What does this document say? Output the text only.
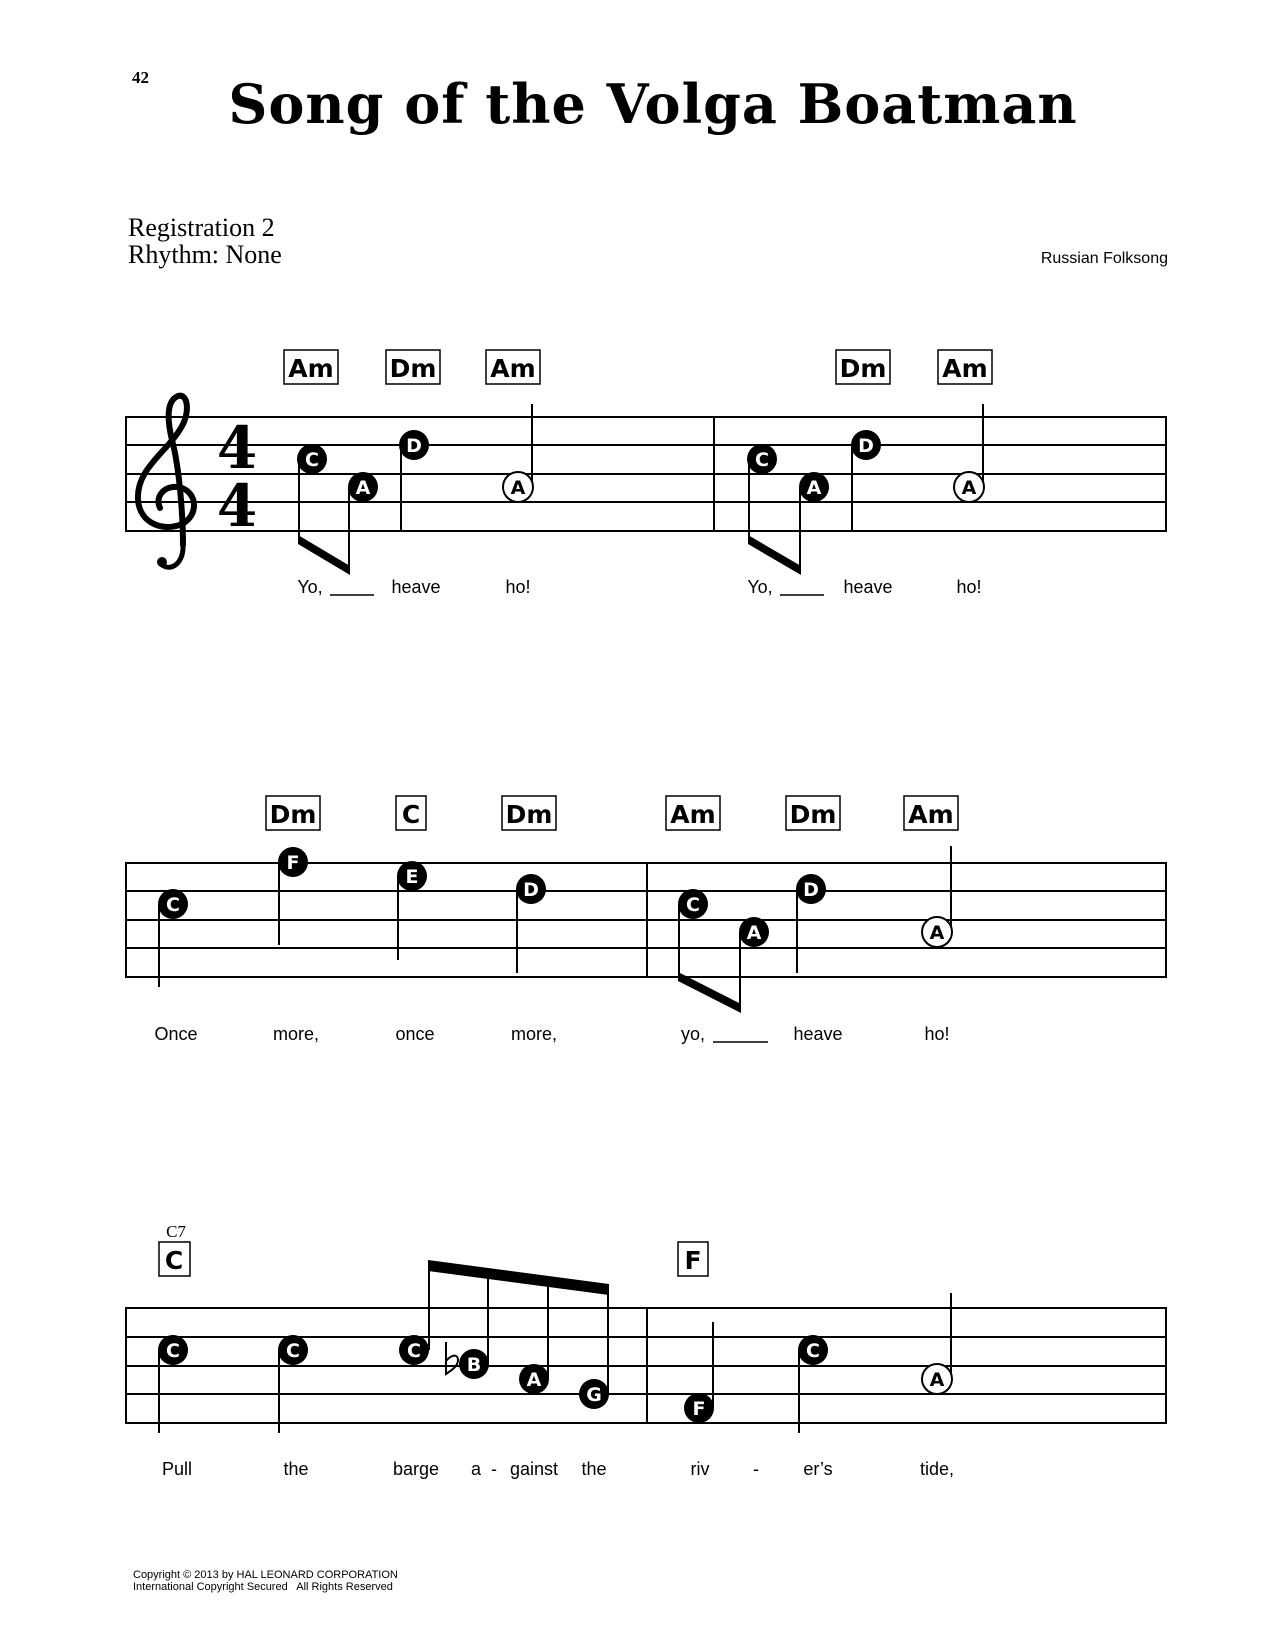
42	Song of the Volga Boatman
Registration 2
Rhythm: None	Russian Folksong
4
4
Am Dm Am	Dm Am
Dm	C	Dm	Am	Dm	Am
C	F
C7
C
A
D
A
C
A
D
A
C
F
E
D
C
A
D
A
C	C	C
B
A
G
F
C
A
Yo,	heave	ho!	Yo,	heave	ho!
Once	more,	once	more,	yo,	heave	ho!
Pull	the	barge a - gainst the	riv - er’s	tide,
Copyright © 2013 by HAL LEONARD CORPORATION
International Copyright Secured   All Rights Reserved
